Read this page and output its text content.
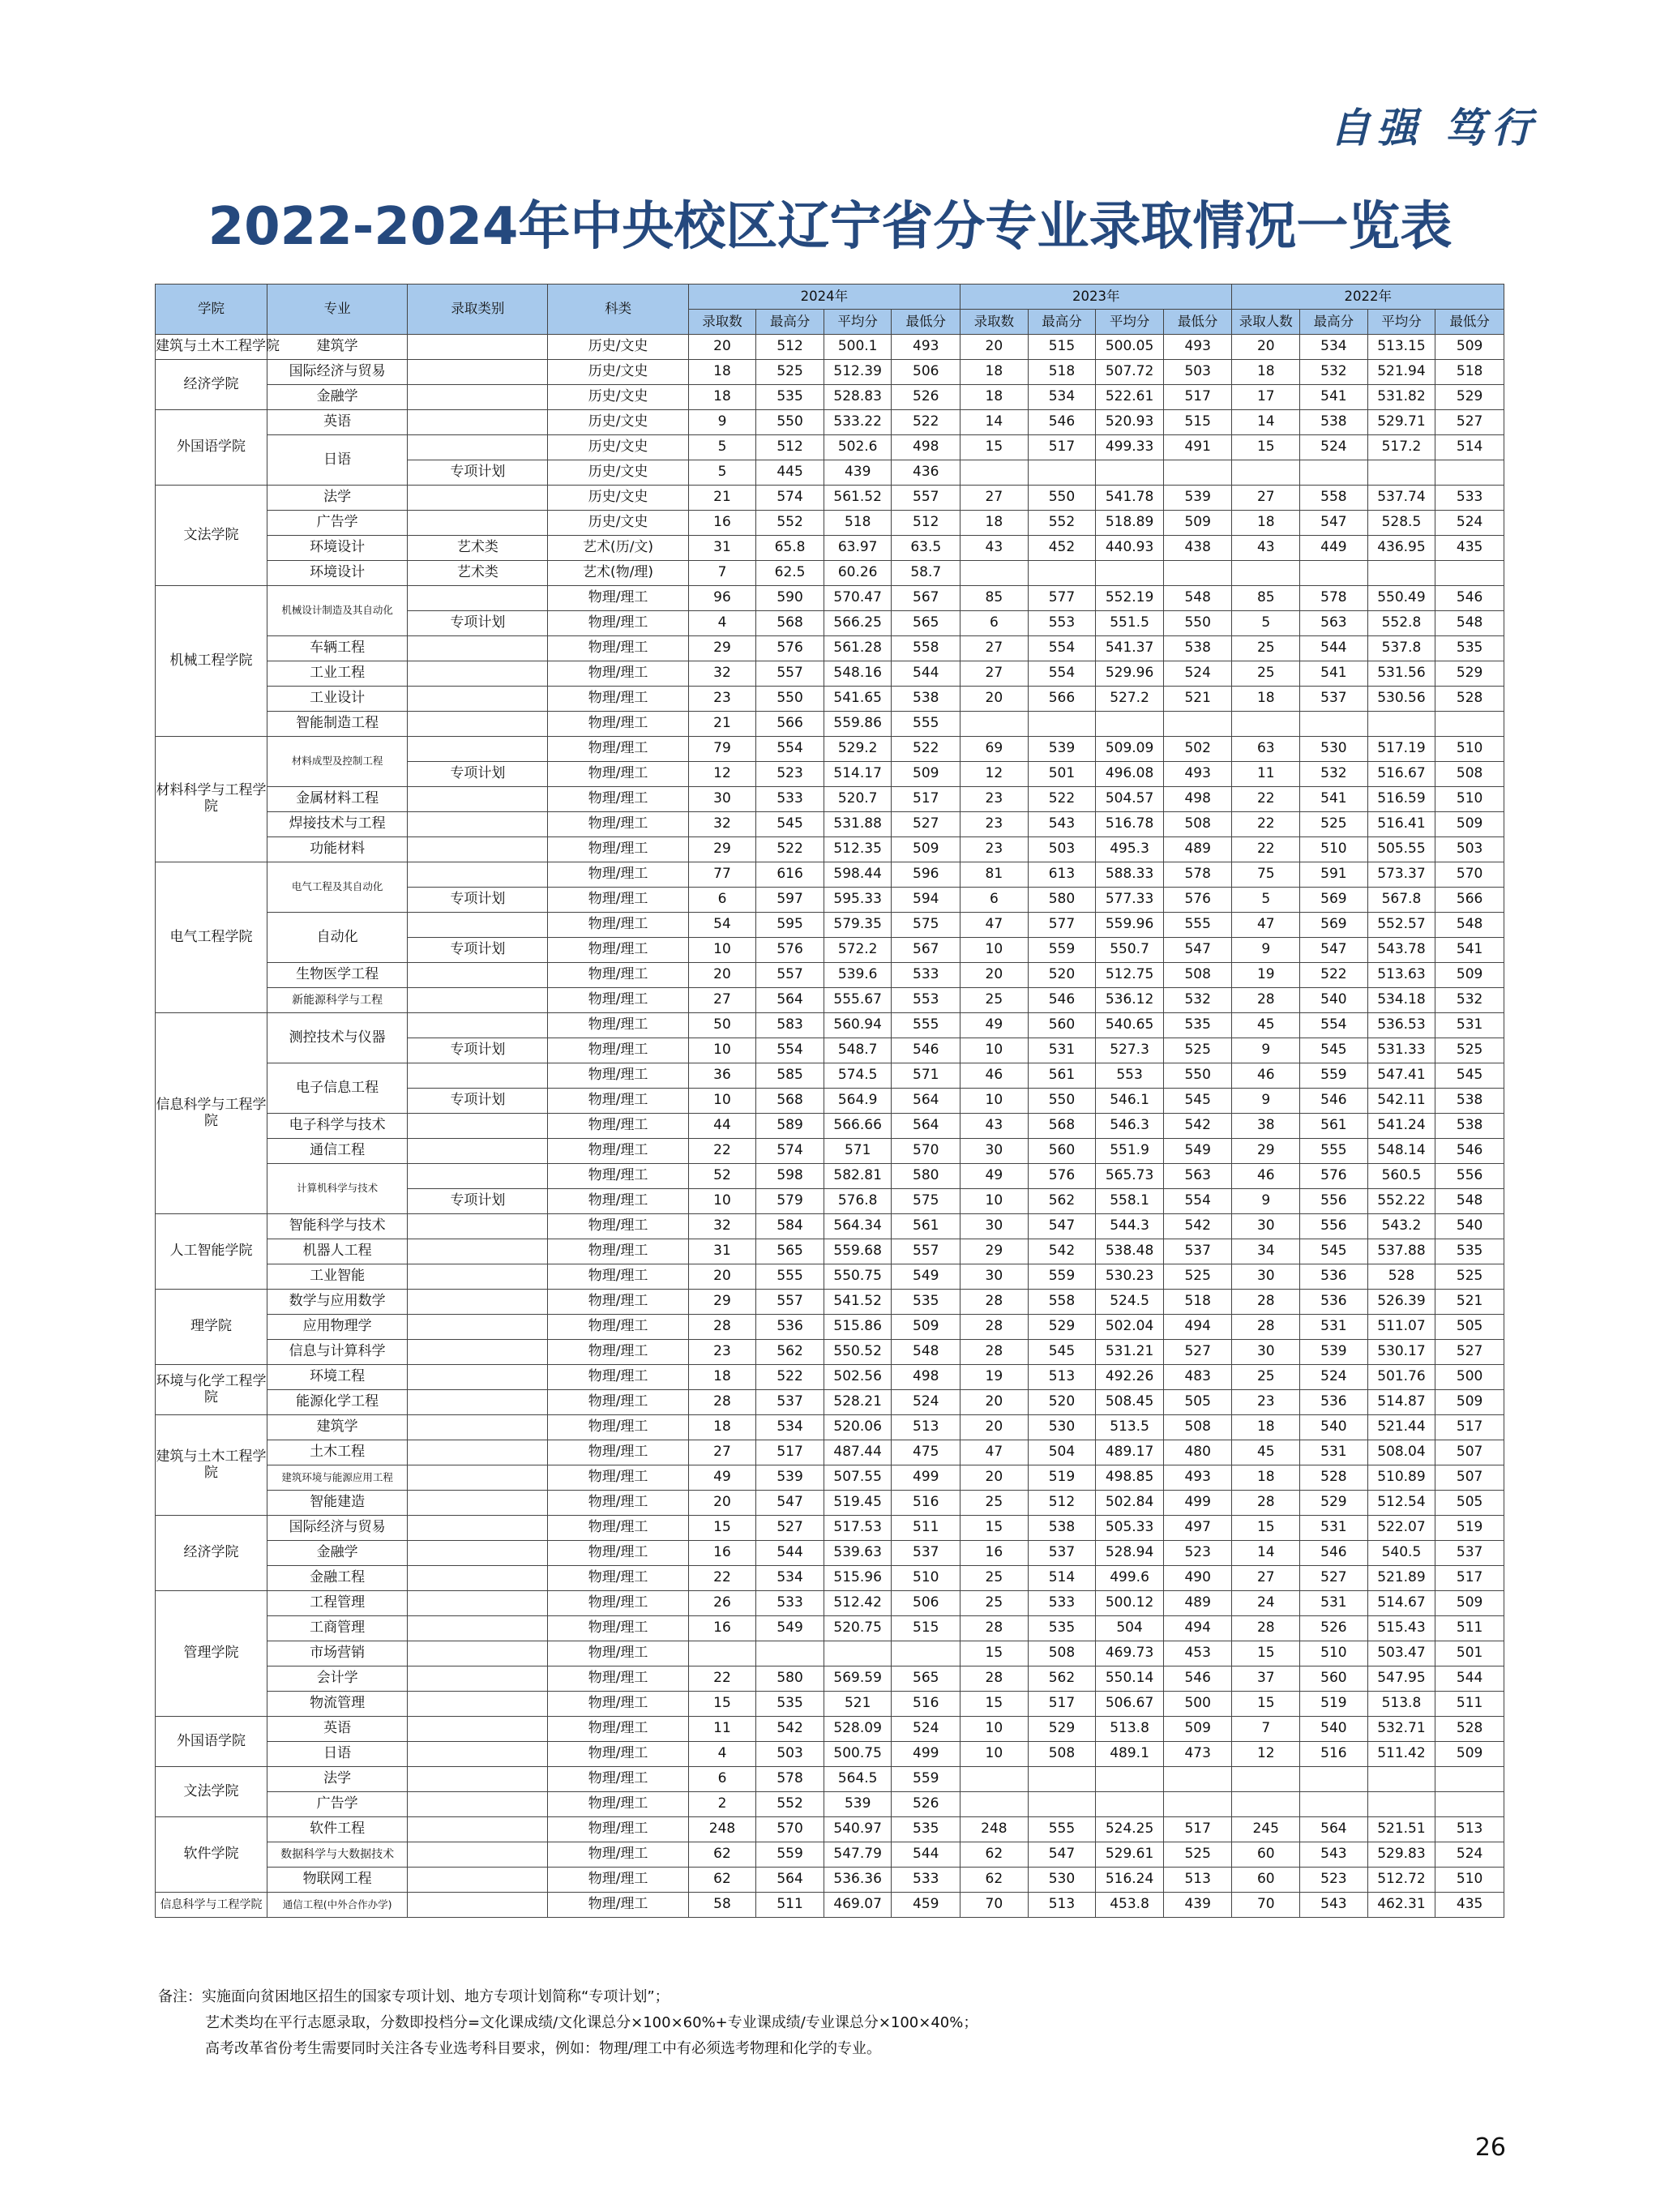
自强 笃行
2022-2024年中央校区辽宁省分专业录取情况一览表
学院	专业	录取类别	科类	2024年				2023年				2022年			
				录取数	最高分	平均分	最低分	录取数	最高分	平均分	最低分	录取人数	最高分	平均分	最低分
建筑与土木工程学院	建筑学		历史/文史	20	512	500.1	493	20	515	500.05	493	20	534	513.15	509
经济学院	国际经济与贸易		历史/文史	18	525	512.39	506	18	518	507.72	503	18	532	521.94	518
	金融学		历史/文史	18	535	528.83	526	18	534	522.61	517	17	541	531.82	529
外国语学院	英语		历史/文史	9	550	533.22	522	14	546	520.93	515	14	538	529.71	527
	日语		历史/文史	5	512	502.6	498	15	517	499.33	491	15	524	517.2	514
		专项计划	历史/文史	5	445	439	436								
文法学院	法学		历史/文史	21	574	561.52	557	27	550	541.78	539	27	558	537.74	533
	广告学		历史/文史	16	552	518	512	18	552	518.89	509	18	547	528.5	524
	环境设计	艺术类	艺术(历/文)	31	65.8	63.97	63.5	43	452	440.93	438	43	449	436.95	435
	环境设计	艺术类	艺术(物/理)	7	62.5	60.26	58.7								
机械工程学院	机械设计制造及其自动化		物理/理工	96	590	570.47	567	85	577	552.19	548	85	578	550.49	546
		专项计划	物理/理工	4	568	566.25	565	6	553	551.5	550	5	563	552.8	548
	车辆工程		物理/理工	29	576	561.28	558	27	554	541.37	538	25	544	537.8	535
	工业工程		物理/理工	32	557	548.16	544	27	554	529.96	524	25	541	531.56	529
	工业设计		物理/理工	23	550	541.65	538	20	566	527.2	521	18	537	530.56	528
	智能制造工程		物理/理工	21	566	559.86	555								
材料科学与工程学院	材料成型及控制工程		物理/理工	79	554	529.2	522	69	539	509.09	502	63	530	517.19	510
		专项计划	物理/理工	12	523	514.17	509	12	501	496.08	493	11	532	516.67	508
	金属材料工程		物理/理工	30	533	520.7	517	23	522	504.57	498	22	541	516.59	510
	焊接技术与工程		物理/理工	32	545	531.88	527	23	543	516.78	508	22	525	516.41	509
	功能材料		物理/理工	29	522	512.35	509	23	503	495.3	489	22	510	505.55	503
电气工程学院	电气工程及其自动化		物理/理工	77	616	598.44	596	81	613	588.33	578	75	591	573.37	570
		专项计划	物理/理工	6	597	595.33	594	6	580	577.33	576	5	569	567.8	566
	自动化		物理/理工	54	595	579.35	575	47	577	559.96	555	47	569	552.57	548
		专项计划	物理/理工	10	576	572.2	567	10	559	550.7	547	9	547	543.78	541
	生物医学工程		物理/理工	20	557	539.6	533	20	520	512.75	508	19	522	513.63	509
	新能源科学与工程		物理/理工	27	564	555.67	553	25	546	536.12	532	28	540	534.18	532
信息科学与工程学院	测控技术与仪器		物理/理工	50	583	560.94	555	49	560	540.65	535	45	554	536.53	531
		专项计划	物理/理工	10	554	548.7	546	10	531	527.3	525	9	545	531.33	525
	电子信息工程		物理/理工	36	585	574.5	571	46	561	553	550	46	559	547.41	545
		专项计划	物理/理工	10	568	564.9	564	10	550	546.1	545	9	546	542.11	538
	电子科学与技术		物理/理工	44	589	566.66	564	43	568	546.3	542	38	561	541.24	538
	通信工程		物理/理工	22	574	571	570	30	560	551.9	549	29	555	548.14	546
	计算机科学与技术		物理/理工	52	598	582.81	580	49	576	565.73	563	46	576	560.5	556
		专项计划	物理/理工	10	579	576.8	575	10	562	558.1	554	9	556	552.22	548
人工智能学院	智能科学与技术		物理/理工	32	584	564.34	561	30	547	544.3	542	30	556	543.2	540
	机器人工程		物理/理工	31	565	559.68	557	29	542	538.48	537	34	545	537.88	535
	工业智能		物理/理工	20	555	550.75	549	30	559	530.23	525	30	536	528	525
理学院	数学与应用数学		物理/理工	29	557	541.52	535	28	558	524.5	518	28	536	526.39	521
	应用物理学		物理/理工	28	536	515.86	509	28	529	502.04	494	28	531	511.07	505
	信息与计算科学		物理/理工	23	562	550.52	548	28	545	531.21	527	30	539	530.17	527
环境与化学工程学院	环境工程		物理/理工	18	522	502.56	498	19	513	492.26	483	25	524	501.76	500
	能源化学工程		物理/理工	28	537	528.21	524	20	520	508.45	505	23	536	514.87	509
建筑与土木工程学院	建筑学		物理/理工	18	534	520.06	513	20	530	513.5	508	18	540	521.44	517
	土木工程		物理/理工	27	517	487.44	475	47	504	489.17	480	45	531	508.04	507
	建筑环境与能源应用工程		物理/理工	49	539	507.55	499	20	519	498.85	493	18	528	510.89	507
	智能建造		物理/理工	20	547	519.45	516	25	512	502.84	499	28	529	512.54	505
经济学院	国际经济与贸易		物理/理工	15	527	517.53	511	15	538	505.33	497	15	531	522.07	519
	金融学		物理/理工	16	544	539.63	537	16	537	528.94	523	14	546	540.5	537
	金融工程		物理/理工	22	534	515.96	510	25	514	499.6	490	27	527	521.89	517
管理学院	工程管理		物理/理工	26	533	512.42	506	25	533	500.12	489	24	531	514.67	509
	工商管理		物理/理工	16	549	520.75	515	28	535	504	494	28	526	515.43	511
	市场营销		物理/理工					15	508	469.73	453	15	510	503.47	501
	会计学		物理/理工	22	580	569.59	565	28	562	550.14	546	37	560	547.95	544
	物流管理		物理/理工	15	535	521	516	15	517	506.67	500	15	519	513.8	511
外国语学院	英语		物理/理工	11	542	528.09	524	10	529	513.8	509	7	540	532.71	528
	日语		物理/理工	4	503	500.75	499	10	508	489.1	473	12	516	511.42	509
文法学院	法学		物理/理工	6	578	564.5	559								
	广告学		物理/理工	2	552	539	526								
软件学院	软件工程		物理/理工	248	570	540.97	535	248	555	524.25	517	245	564	521.51	513
	数据科学与大数据技术		物理/理工	62	559	547.79	544	62	547	529.61	525	60	543	529.83	524
	物联网工程		物理/理工	62	564	536.36	533	62	530	516.24	513	60	523	512.72	510
信息科学与工程学院	通信工程(中外合作办学)		物理/理工	58	511	469.07	459	70	513	453.8	439	70	543	462.31	435
备注：实施面向贫困地区招生的国家专项计划、地方专项计划简称“专项计划”；
艺术类均在平行志愿录取，分数即投档分=文化课成绩/文化课总分×100×60%+专业课成绩/专业课总分×100×40%；
高考改革省份考生需要同时关注各专业选考科目要求，例如：物理/理工中有必须选考物理和化学的专业。
26
